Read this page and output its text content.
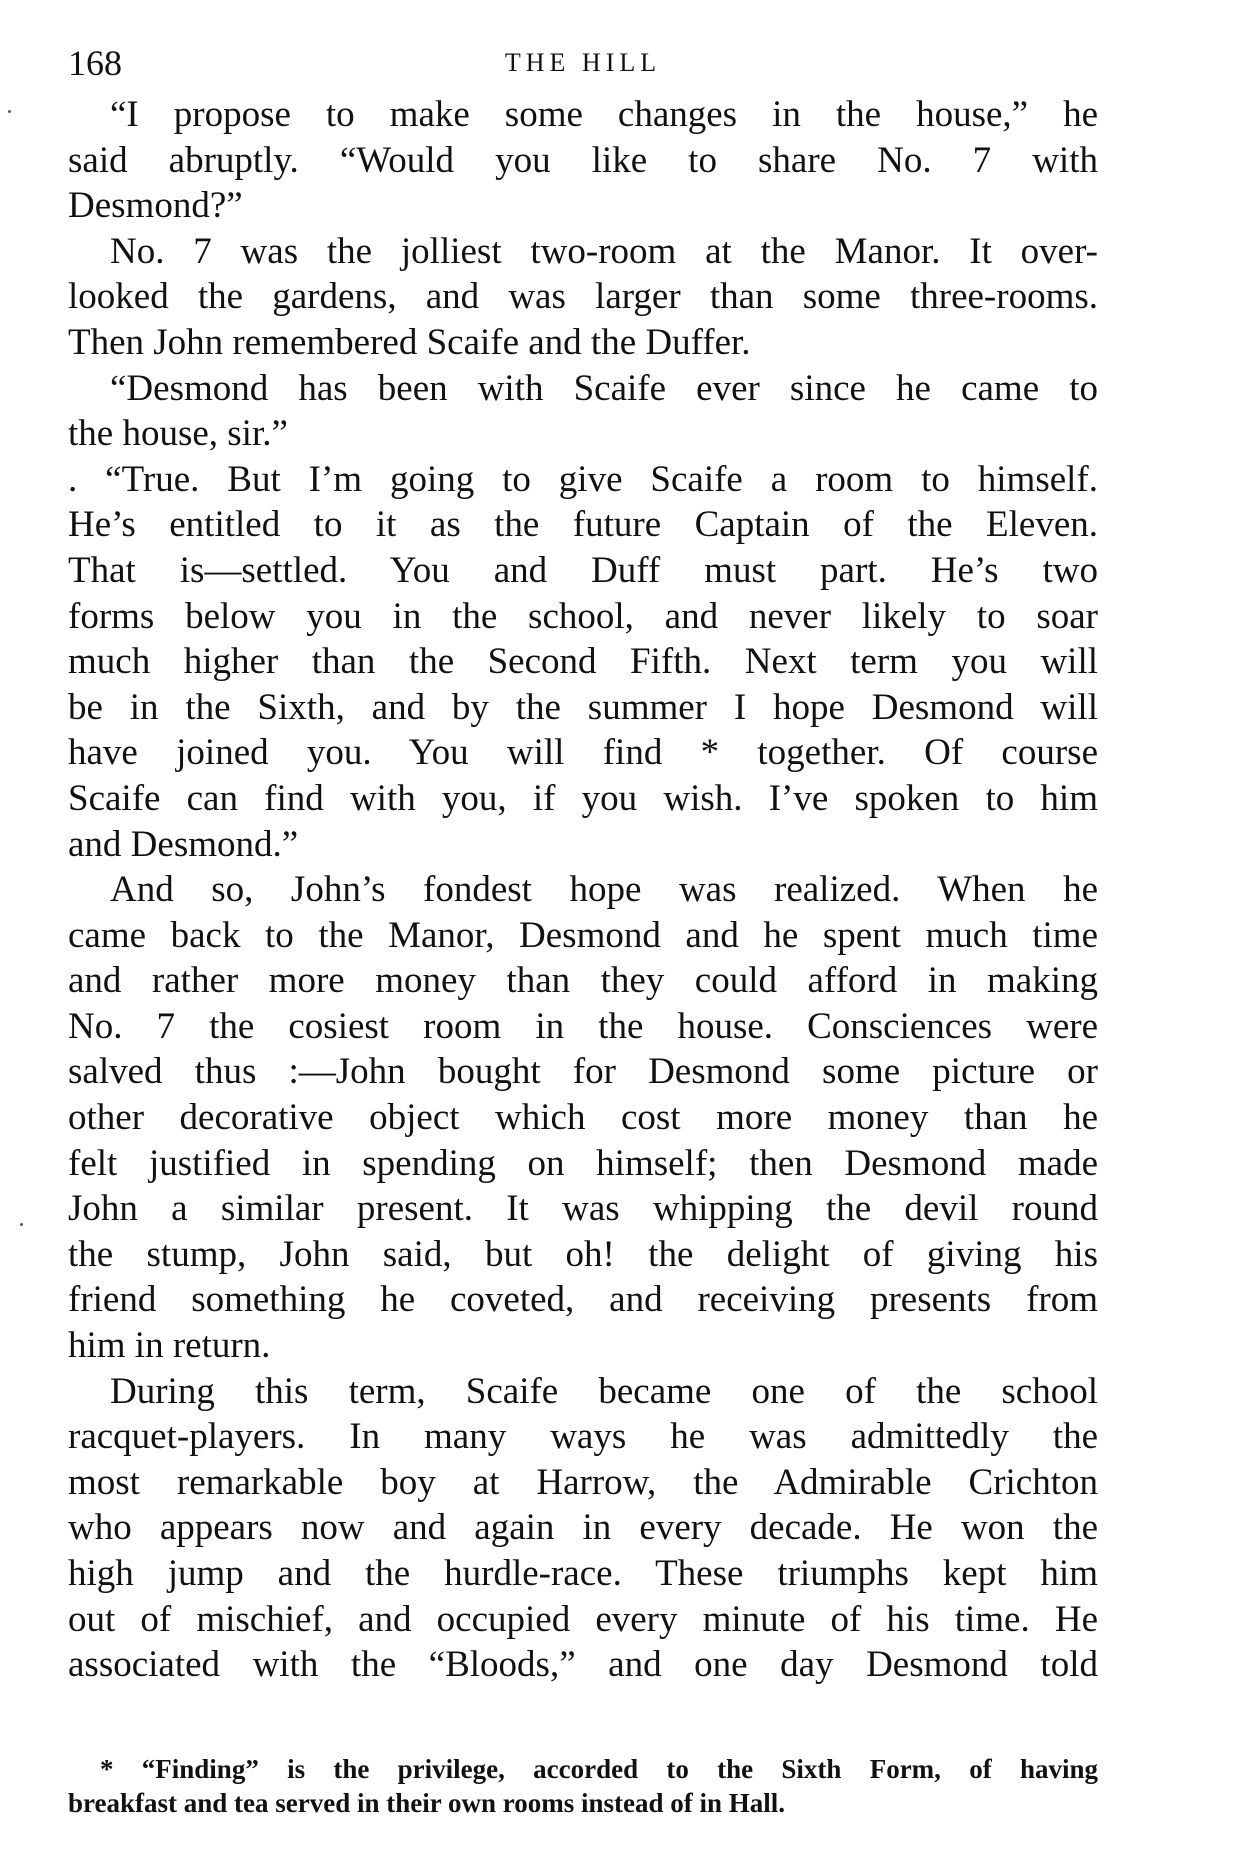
168	THE HILL
“I propose to make some changes in the house,” he
said abruptly. “Would you like to share No. 7 with
Desmond?”
No. 7 was the jolliest two-room at the Manor. It over-
looked the gardens, and was larger than some three-rooms.
Then John remembered Scaife and the Duffer.
“Desmond has been with Scaife ever since he came to
the house, sir.”
. “True. But I’m going to give Scaife a room to himself.
He’s entitled to it as the future Captain of the Eleven.
That is—settled. You and Duff must part. He’s two
forms below you in the school, and never likely to soar
much higher than the Second Fifth. Next term you will
be in the Sixth, and by the summer I hope Desmond will
have joined you. You will find * together. Of course
Scaife can find with you, if you wish. I’ve spoken to him
and Desmond.”
And so, John’s fondest hope was realized. When he
came back to the Manor, Desmond and he spent much time
and rather more money than they could afford in making
No. 7 the cosiest room in the house. Consciences were
salved thus :—John bought for Desmond some picture or
other decorative object which cost more money than he
felt justified in spending on himself; then Desmond made
John a similar present. It was whipping the devil round
the stump, John said, but oh! the delight of giving his
friend something he coveted, and receiving presents from
him in return.
During this term, Scaife became one of the school
racquet-players. In many ways he was admittedly the
most remarkable boy at Harrow, the Admirable Crichton
who appears now and again in every decade. He won the
high jump and the hurdle-race. These triumphs kept him
out of mischief, and occupied every minute of his time. He
associated with the “Bloods,” and one day Desmond told
* “Finding” is the privilege, accorded to the Sixth Form, of having
breakfast and tea served in their own rooms instead of in Hall.
